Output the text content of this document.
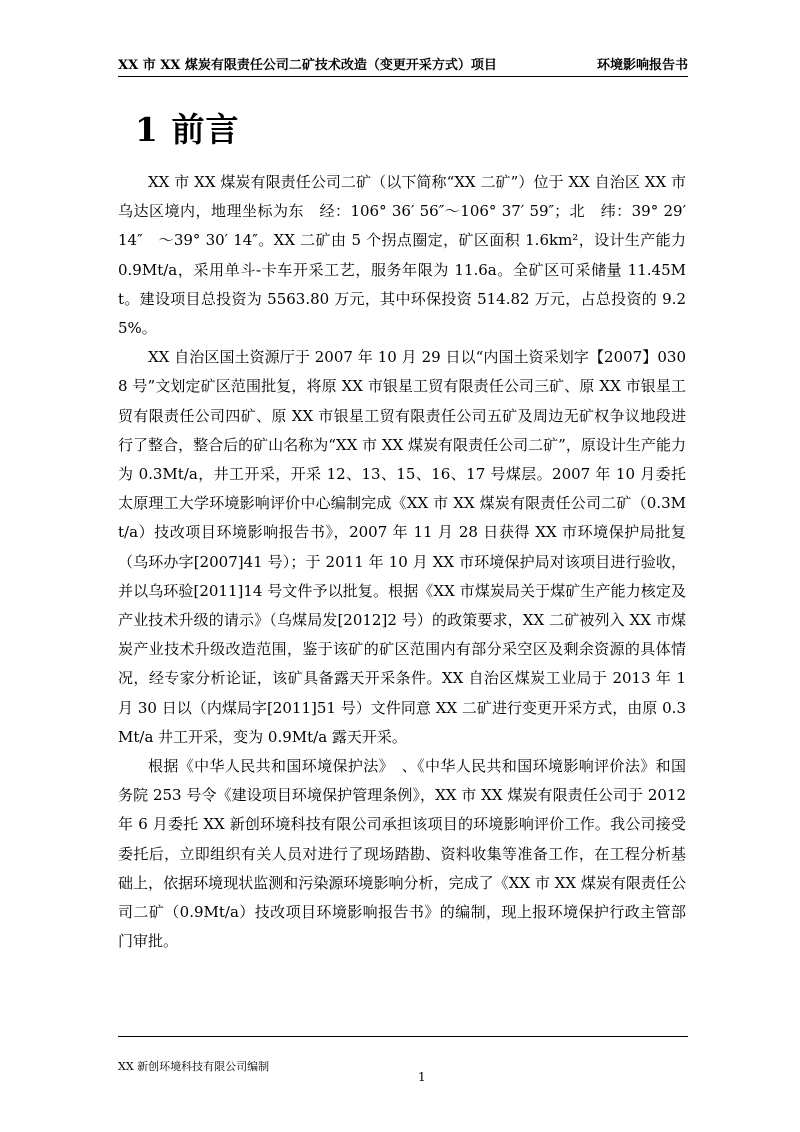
XX 市 XX 煤炭有限责任公司二矿技术改造（变更开采方式）项目	环境影响报告书
1 前言

XX 市 XX 煤炭有限责任公司二矿（以下简称“XX 二矿”）位于 XX 自治区 XX 市乌达区境内，地理坐标为东　经：106° 36′ 56″～106° 37′ 59″；北　纬：39° 29′ 14″　～39° 30′ 14″。XX 二矿由 5 个拐点圈定，矿区面积 1.6km²，设计生产能力 0.9Mt/a，采用单斗-卡车开采工艺，服务年限为 11.6a。全矿区可采储量 11.45Mt。建设项目总投资为 5563.80 万元，其中环保投资 514.82 万元，占总投资的 9.25%。

XX 自治区国土资源厅于 2007 年 10 月 29 日以“内国土资采划字【2007】0308 号”文划定矿区范围批复，将原 XX 市银星工贸有限责任公司三矿、原 XX 市银星工贸有限责任公司四矿、原 XX 市银星工贸有限责任公司五矿及周边无矿权争议地段进行了整合，整合后的矿山名称为“XX 市 XX 煤炭有限责任公司二矿”，原设计生产能力为 0.3Mt/a，井工开采，开采 12、13、15、16、17 号煤层。2007 年 10 月委托太原理工大学环境影响评价中心编制完成《XX 市 XX 煤炭有限责任公司二矿（0.3Mt/a）技改项目环境影响报告书》，2007 年 11 月 28 日获得 XX 市环境保护局批复（乌环办字[2007]41 号）；于 2011 年 10 月 XX 市环境保护局对该项目进行验收，并以乌环验[2011]14 号文件予以批复。根据《XX 市煤炭局关于煤矿生产能力核定及产业技术升级的请示》（乌煤局发[2012]2 号）的政策要求，XX 二矿被列入 XX 市煤炭产业技术升级改造范围，鉴于该矿的矿区范围内有部分采空区及剩余资源的具体情况，经专家分析论证，该矿具备露天开采条件。XX 自治区煤炭工业局于 2013 年 1 月 30 日以（内煤局字[2011]51 号）文件同意 XX 二矿进行变更开采方式，由原 0.3Mt/a 井工开采，变为 0.9Mt/a 露天开采。

根据《中华人民共和国环境保护法》　、《中华人民共和国环境影响评价法》和国务院 253 号令《建设项目环境保护管理条例》，XX 市 XX 煤炭有限责任公司于 2012 年 6 月委托 XX 新创环境科技有限公司承担该项目的环境影响评价工作。我公司接受委托后，立即组织有关人员对进行了现场踏勘、资料收集等准备工作，在工程分析基础上，依据环境现状监测和污染源环境影响分析，完成了《XX 市 XX 煤炭有限责任公司二矿（0.9Mt/a）技改项目环境影响报告书》的编制，现上报环境保护行政主管部门审批。

XX 新创环境科技有限公司编制
1
